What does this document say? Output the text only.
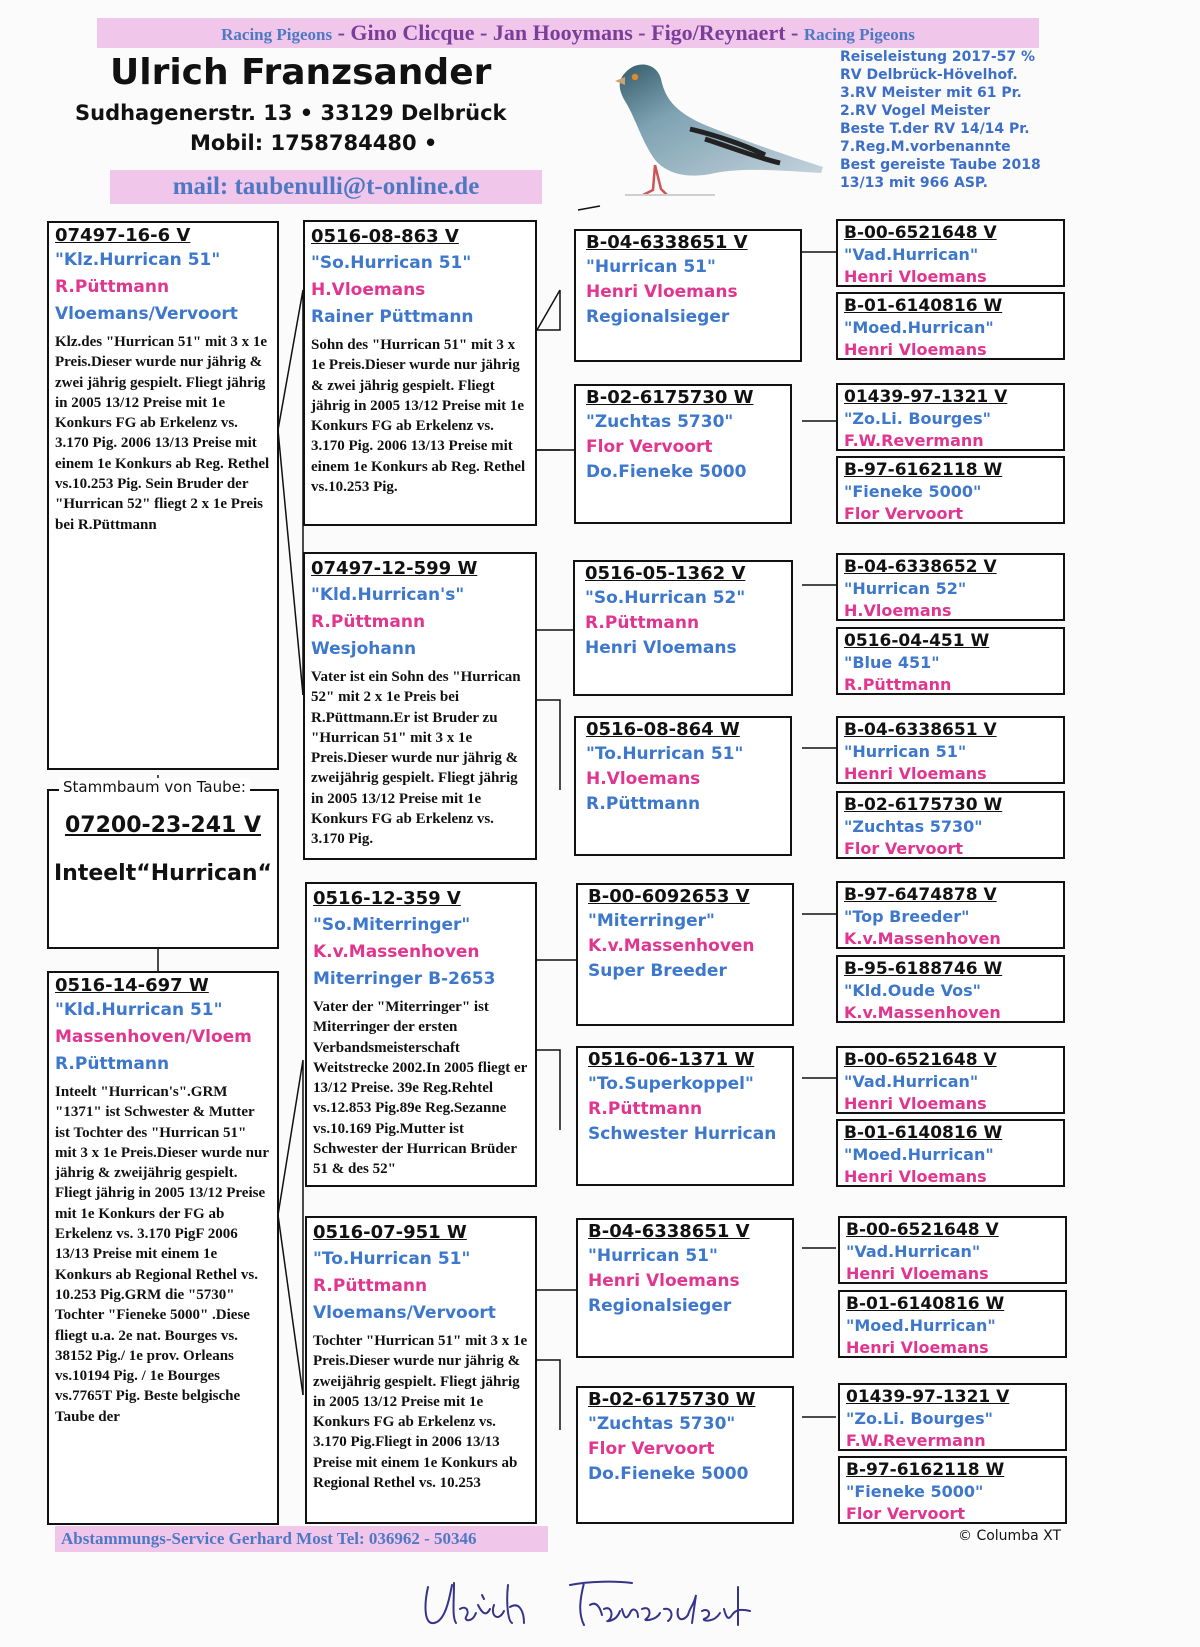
Racing Pigeons - Gino Clicque - Jan Hooymans - Figo/Reynaert - Racing Pigeons
Ulrich Franzsander
Sudhagenerstr. 13 • 33129 Delbrück
Mobil: 1758784480 •
mail: taubenulli@t-online.de
Reiseleistung 2017-57 %
RV Delbrück-Hövelhof.
3.RV Meister mit 61 Pr.
2.RV Vogel Meister
Beste T.der RV 14/14 Pr.
7.Reg.M.vorbenannte
Best gereiste Taube 2018
13/13 mit 966 ASP.
07497-16-6 V
"Klz.Hurrican 51"
R.Püttmann
Vloemans/Vervoort
Klz.des "Hurrican 51" mit 3 x 1e Preis.Dieser wurde nur jährig & zwei jährig gespielt. Fliegt jährig in 2005 13/12 Preise mit 1e Konkurs FG ab Erkelenz vs. 3.170 Pig. 2006 13/13 Preise mit einem 1e Konkurs ab Reg. Rethel vs.10.253 Pig. Sein Bruder der "Hurrican 52" fliegt 2 x 1e Preis bei R.Püttmann
Stammbaum von Taube:
07200-23-241 V
Inteelt“Hurrican“
0516-14-697 W
"Kld.Hurrican 51"
Massenhoven/Vloem
R.Püttmann
Inteelt "Hurrican's".GRM "1371" ist Schwester & Mutter ist Tochter des "Hurrican 51" mit 3 x 1e Preis.Dieser wurde nur jährig & zweijährig gespielt. Fliegt jährig in 2005 13/12 Preise mit 1e Konkurs der FG ab Erkelenz vs. 3.170 PigF 2006 13/13 Preise mit einem 1e Konkurs ab Regional Rethel vs. 10.253 Pig.GRM die "5730" Tochter "Fieneke 5000" .Diese fliegt u.a. 2e nat. Bourges vs. 38152 Pig./ 1e prov. Orleans vs.10194 Pig. / 1e Bourges vs.7765T Pig. Beste belgische Taube der
0516-08-863 V
"So.Hurrican 51"
H.Vloemans
Rainer Püttmann
Sohn des "Hurrican 51" mit 3 x 1e Preis.Dieser wurde nur jährig & zwei jährig gespielt. Fliegt jährig in 2005 13/12 Preise mit 1e Konkurs FG ab Erkelenz vs. 3.170 Pig. 2006 13/13 Preise mit einem 1e Konkurs ab Reg. Rethel vs.10.253 Pig.
07497-12-599 W
"Kld.Hurrican's"
R.Püttmann
Wesjohann
Vater ist ein Sohn des "Hurrican 52" mit 2 x 1e Preis bei R.Püttmann.Er ist Bruder zu "Hurrican 51" mit 3 x 1e Preis.Dieser wurde nur jährig & zweijährig gespielt. Fliegt jährig in 2005 13/12 Preise mit 1e Konkurs FG ab Erkelenz vs. 3.170 Pig.
0516-12-359 V
"So.Miterringer"
K.v.Massenhoven
Miterringer B-2653
Vater der "Miterringer" ist Miterringer der ersten Verbandsmeisterschaft Weitstrecke 2002.In 2005 fliegt er 13/12 Preise. 39e Reg.Rehtel vs.12.853 Pig.89e Reg.Sezanne vs.10.169 Pig.Mutter ist Schwester der Hurrican Brüder 51 & des 52"
0516-07-951 W
"To.Hurrican 51"
R.Püttmann
Vloemans/Vervoort
Tochter "Hurrican 51" mit 3 x 1e Preis.Dieser wurde nur jährig & zweijährig gespielt. Fliegt jährig in 2005 13/12 Preise mit 1e Konkurs FG ab Erkelenz vs. 3.170 Pig.Fliegt in 2006 13/13 Preise mit einem 1e Konkurs ab Regional Rethel vs. 10.253
B-04-6338651 V
"Hurrican 51"
Henri Vloemans
Regionalsieger
B-02-6175730 W
"Zuchtas 5730"
Flor Vervoort
Do.Fieneke 5000
0516-05-1362 V
"So.Hurrican 52"
R.Püttmann
Henri Vloemans
0516-08-864 W
"To.Hurrican 51"
H.Vloemans
R.Püttmann
B-00-6092653 V
"Miterringer"
K.v.Massenhoven
Super Breeder
0516-06-1371 W
"To.Superkoppel"
R.Püttmann
Schwester Hurrican
B-04-6338651 V
"Hurrican 51"
Henri Vloemans
Regionalsieger
B-02-6175730 W
"Zuchtas 5730"
Flor Vervoort
Do.Fieneke 5000
B-00-6521648 V
"Vad.Hurrican"
Henri Vloemans
B-01-6140816 W
"Moed.Hurrican"
Henri Vloemans
01439-97-1321 V
"Zo.Li. Bourges"
F.W.Revermann
B-97-6162118 W
"Fieneke 5000"
Flor Vervoort
B-04-6338652 V
"Hurrican 52"
H.Vloemans
0516-04-451 W
"Blue 451"
R.Püttmann
B-04-6338651 V
"Hurrican 51"
Henri Vloemans
B-02-6175730 W
"Zuchtas 5730"
Flor Vervoort
B-97-6474878 V
"Top Breeder"
K.v.Massenhoven
B-95-6188746 W
"Kld.Oude Vos"
K.v.Massenhoven
B-00-6521648 V
"Vad.Hurrican"
Henri Vloemans
B-01-6140816 W
"Moed.Hurrican"
Henri Vloemans
B-00-6521648 V
"Vad.Hurrican"
Henri Vloemans
B-01-6140816 W
"Moed.Hurrican"
Henri Vloemans
01439-97-1321 V
"Zo.Li. Bourges"
F.W.Revermann
B-97-6162118 W
"Fieneke 5000"
Flor Vervoort
Abstammungs-Service Gerhard Most Tel: 036962 - 50346	© Columba XT
